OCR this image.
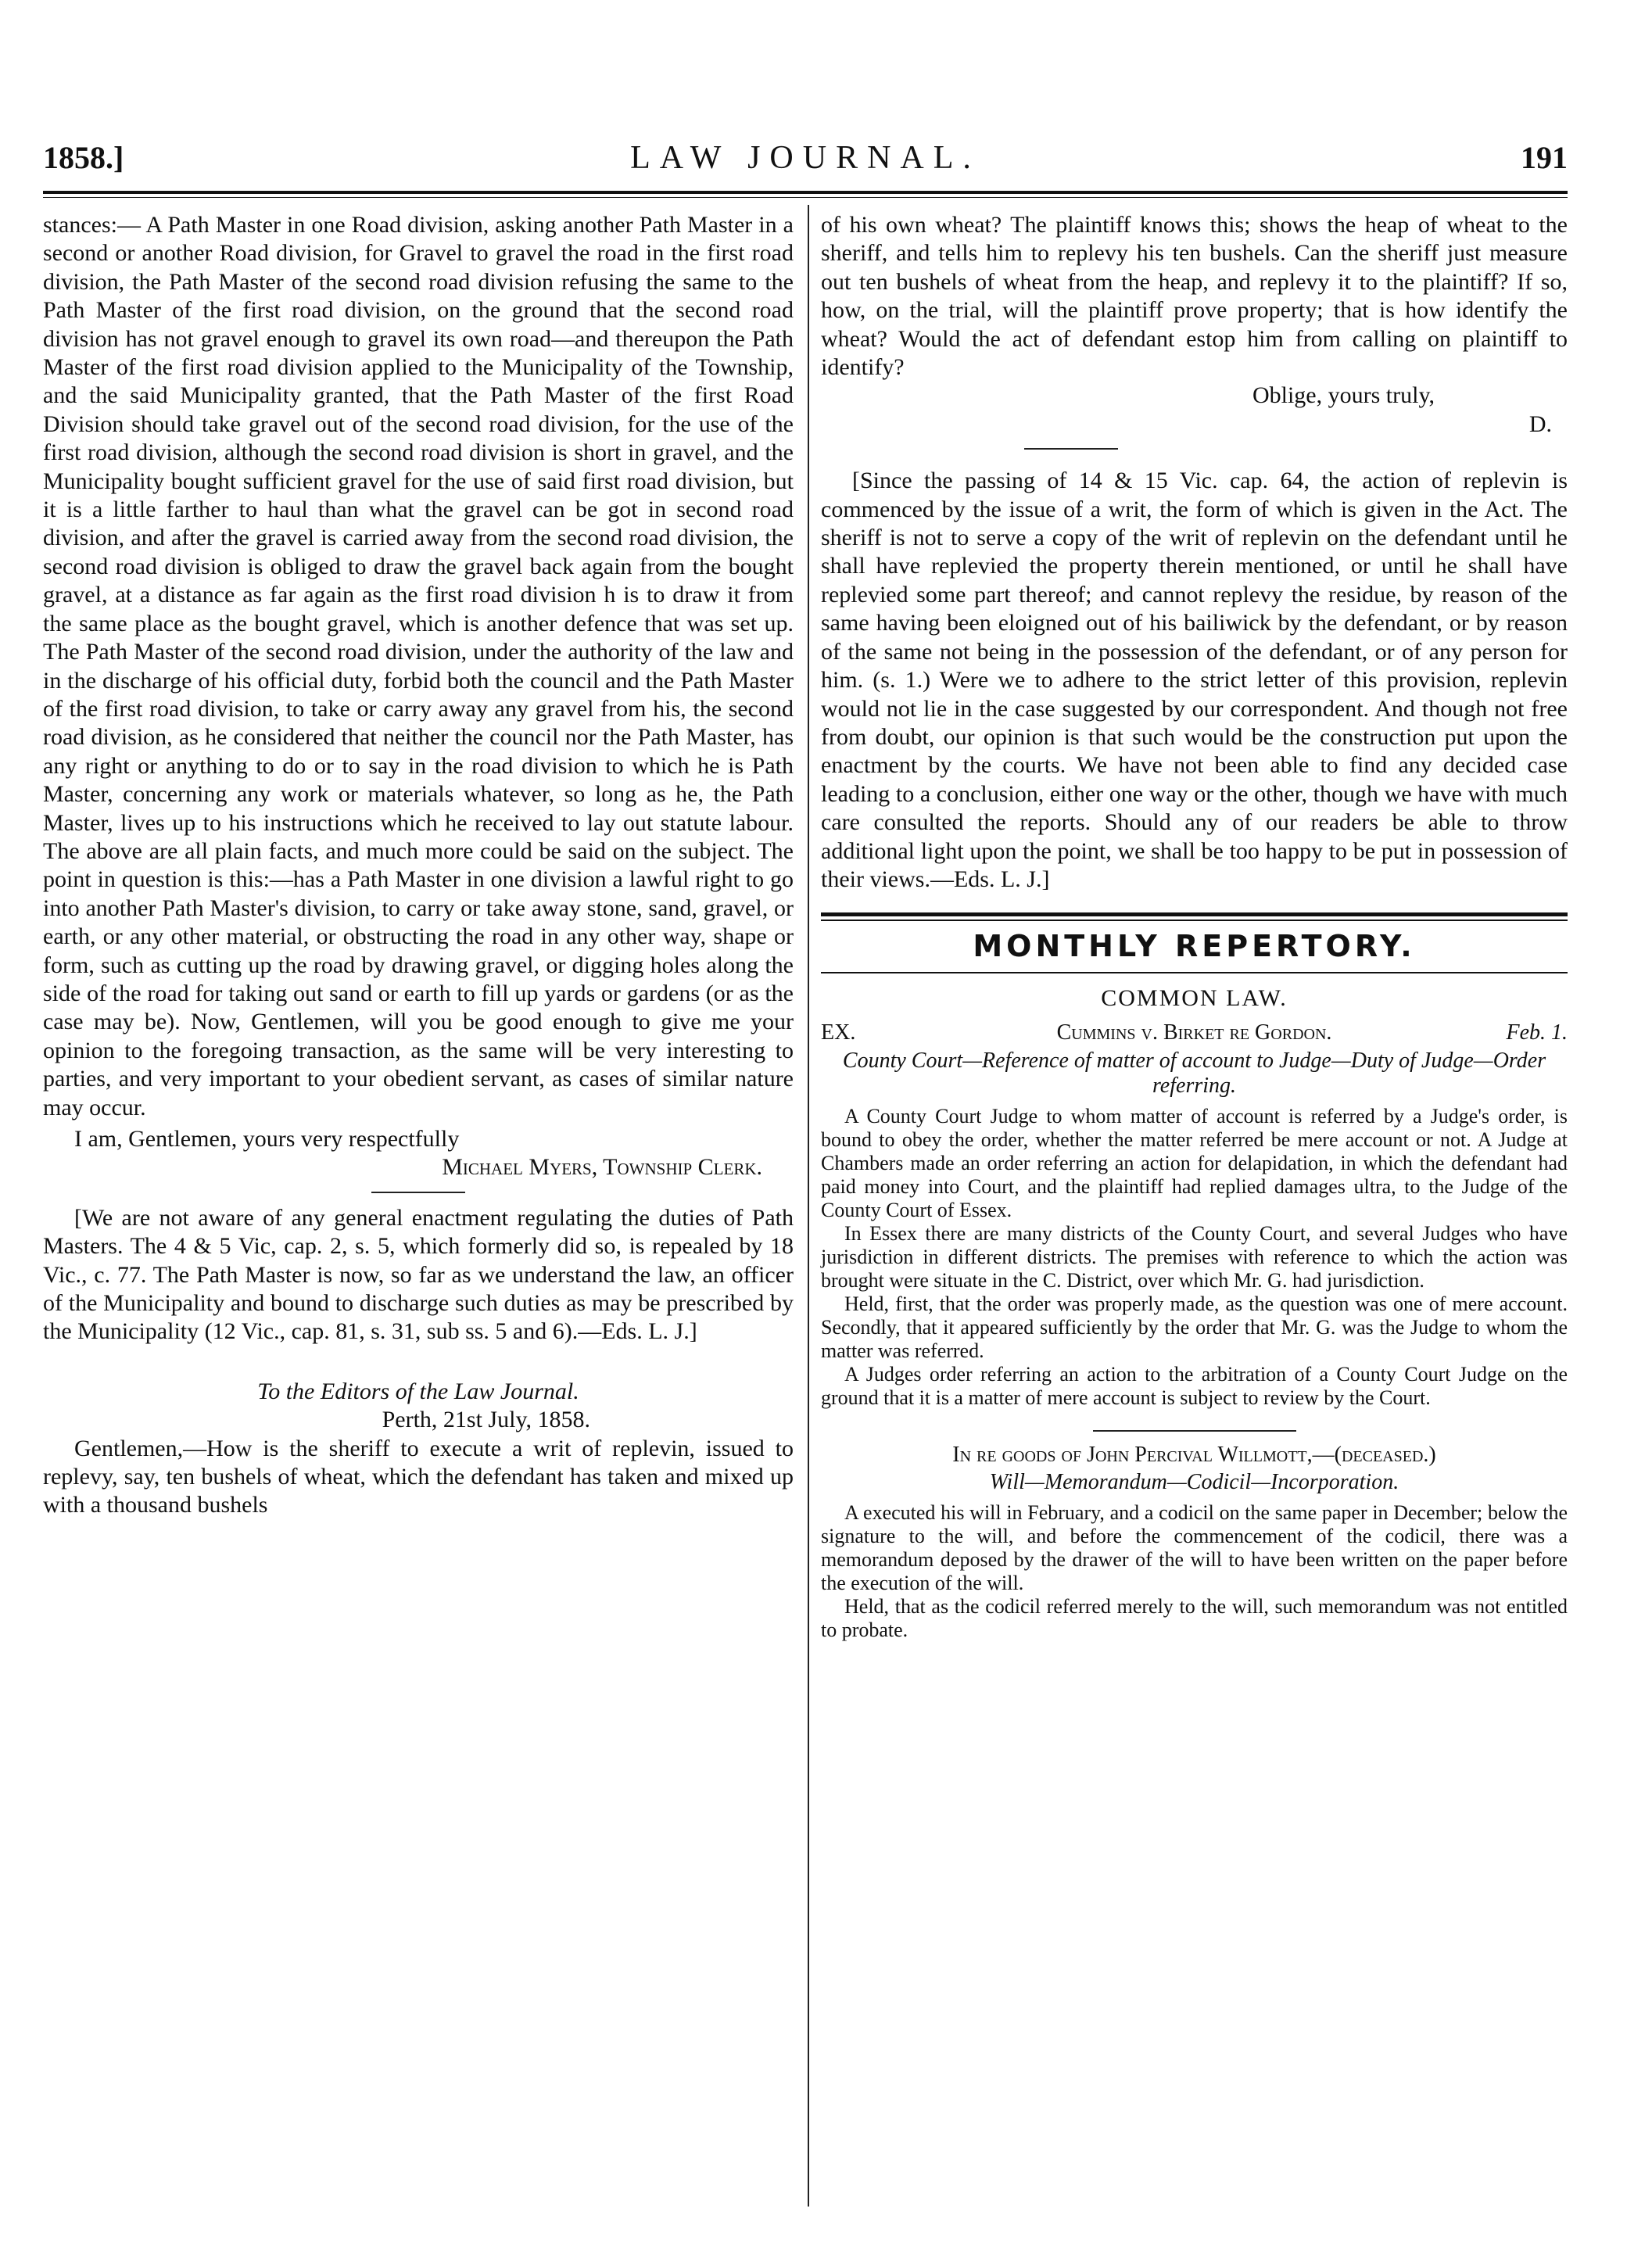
1858.]	LAW JOURNAL.	191

stances:— A Path Master in one Road division, asking another Path Master in a second or another Road division, for Gravel to gravel the road in the first road division, the Path Master of the second road division refusing the same to the Path Master of the first road division, on the ground that the second road division has not gravel enough to gravel its own road—and thereupon the Path Master of the first road division applied to the Municipality of the Township, and the said Municipality granted, that the Path Master of the first Road Division should take gravel out of the second road division, for the use of the first road division, although the second road division is short in gravel, and the Municipality bought sufficient gravel for the use of said first road division, but it is a little farther to haul than what the gravel can be got in second road division, and after the gravel is carried away from the second road division, the second road division is obliged to draw the gravel back again from the bought gravel, at a distance as far again as the first road division h is to draw it from the same place as the bought gravel, which is another defence that was set up. The Path Master of the second road division, under the authority of the law and in the discharge of his official duty, forbid both the council and the Path Master of the first road division, to take or carry away any gravel from his, the second road division, as he considered that neither the council nor the Path Master, has any right or anything to do or to say in the road division to which he is Path Master, concerning any work or materials whatever, so long as he, the Path Master, lives up to his instructions which he received to lay out statute labour. The above are all plain facts, and much more could be said on the subject. The point in question is this:—has a Path Master in one division a lawful right to go into another Path Master's division, to carry or take away stone, sand, gravel, or earth, or any other material, or obstructing the road in any other way, shape or form, such as cutting up the road by drawing gravel, or digging holes along the side of the road for taking out sand or earth to fill up yards or gardens (or as the case may be). Now, Gentlemen, will you be good enough to give me your opinion to the foregoing transaction, as the same will be very interesting to parties, and very important to your obedient servant, as cases of similar nature may occur.

I am, Gentlemen, yours very respectfully

Michael Myers, Township Clerk.

[We are not aware of any general enactment regulating the duties of Path Masters. The 4 & 5 Vic, cap. 2, s. 5, which formerly did so, is repealed by 18 Vic., c. 77. The Path Master is now, so far as we understand the law, an officer of the Municipality and bound to discharge such duties as may be prescribed by the Municipality (12 Vic., cap. 81, s. 31, sub ss. 5 and 6).—Eds. L. J.]

To the Editors of the Law Journal.

Perth, 21st July, 1858.

Gentlemen,—How is the sheriff to execute a writ of replevin, issued to replevy, say, ten bushels of wheat, which the defendant has taken and mixed up with a thousand bushels

of his own wheat? The plaintiff knows this; shows the heap of wheat to the sheriff, and tells him to replevy his ten bushels. Can the sheriff just measure out ten bushels of wheat from the heap, and replevy it to the plaintiff? If so, how, on the trial, will the plaintiff prove property; that is how identify the wheat? Would the act of defendant estop him from calling on plaintiff to identify?

Oblige, yours truly,

D.

[Since the passing of 14 & 15 Vic. cap. 64, the action of replevin is commenced by the issue of a writ, the form of which is given in the Act. The sheriff is not to serve a copy of the writ of replevin on the defendant until he shall have replevied the property therein mentioned, or until he shall have replevied some part thereof; and cannot replevy the residue, by reason of the same having been eloigned out of his bailiwick by the defendant, or by reason of the same not being in the possession of the defendant, or of any person for him. (s. 1.) Were we to adhere to the strict letter of this provision, replevin would not lie in the case suggested by our correspondent. And though not free from doubt, our opinion is that such would be the construction put upon the enactment by the courts. We have not been able to find any decided case leading to a conclusion, either one way or the other, though we have with much care consulted the reports. Should any of our readers be able to throw additional light upon the point, we shall be too happy to be put in possession of their views.—Eds. L. J.]

MONTHLY REPERTORY.
COMMON LAW.
EX.	Cummins v. Birket re Gordon.	Feb. 1.
County Court—Reference of matter of account to Judge—Duty of Judge—Order referring.

A County Court Judge to whom matter of account is referred by a Judge's order, is bound to obey the order, whether the matter referred be mere account or not. A Judge at Chambers made an order referring an action for delapidation, in which the defendant had paid money into Court, and the plaintiff had replied damages ultra, to the Judge of the County Court of Essex.

In Essex there are many districts of the County Court, and several Judges who have jurisdiction in different districts. The premises with reference to which the action was brought were situate in the C. District, over which Mr. G. had jurisdiction.

Held, first, that the order was properly made, as the question was one of mere account. Secondly, that it appeared sufficiently by the order that Mr. G. was the Judge to whom the matter was referred.

A Judges order referring an action to the arbitration of a County Court Judge on the ground that it is a matter of mere account is subject to review by the Court.

In re goods of John Percival Willmott,—(deceased.)
Will—Memorandum—Codicil—Incorporation.

A executed his will in February, and a codicil on the same paper in December; below the signature to the will, and before the commencement of the codicil, there was a memorandum deposed by the drawer of the will to have been written on the paper before the execution of the will.

Held, that as the codicil referred merely to the will, such memorandum was not entitled to probate.
